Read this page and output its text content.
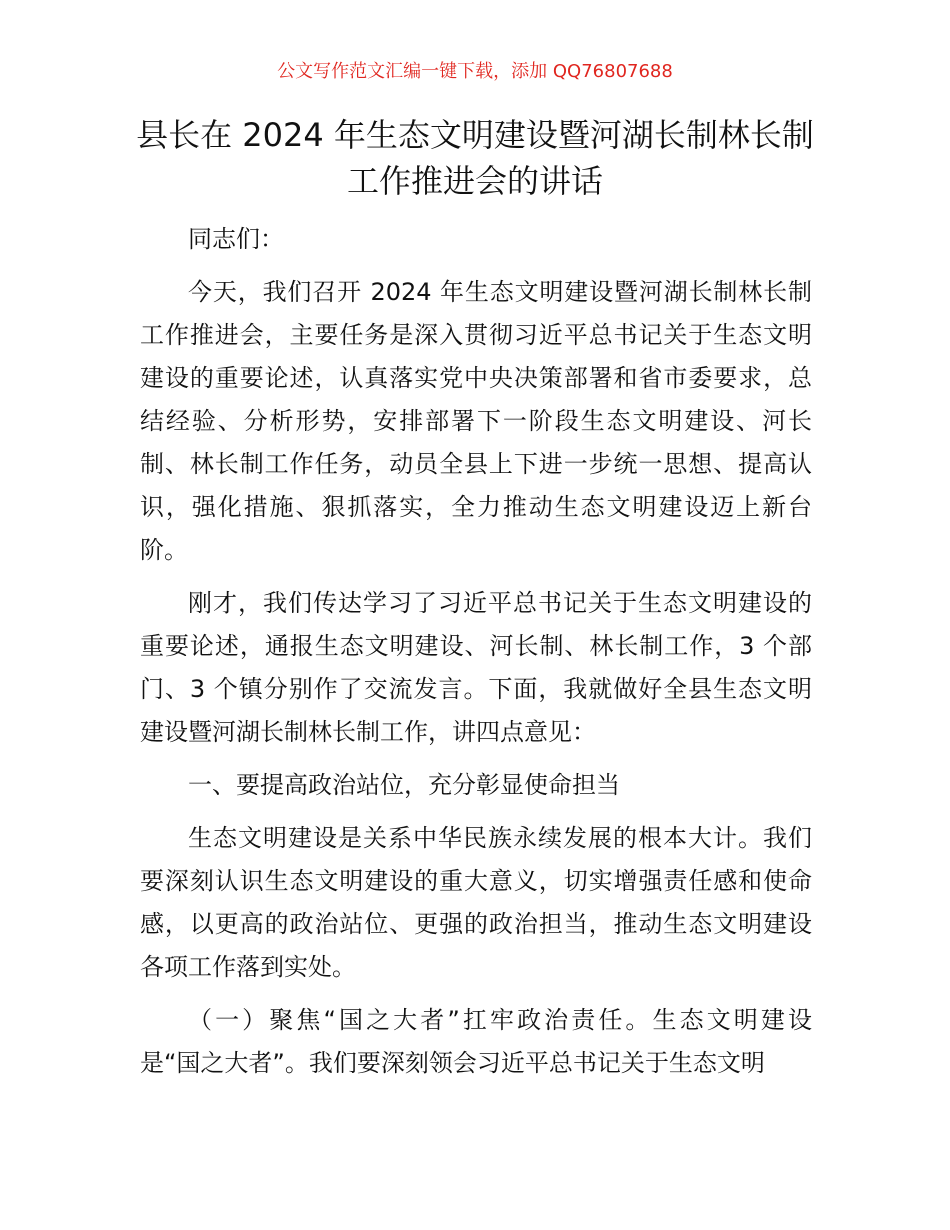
公文写作范文汇编一键下载，添加 QQ76807688
县长在 2024 年生态文明建设暨河湖长制林长制
工作推进会的讲话
同志们：
今天，我们召开 2024 年生态文明建设暨河湖长制林长制
工作推进会，主要任务是深入贯彻习近平总书记关于生态文明
建设的重要论述，认真落实党中央决策部署和省市委要求，总
结经验、分析形势，安排部署下一阶段生态文明建设、河长
制、林长制工作任务，动员全县上下进一步统一思想、提高认
识，强化措施、狠抓落实，全力推动生态文明建设迈上新台
阶。
刚才，我们传达学习了习近平总书记关于生态文明建设的
重要论述，通报生态文明建设、河长制、林长制工作，3 个部
门、3 个镇分别作了交流发言。下面，我就做好全县生态文明
建设暨河湖长制林长制工作，讲四点意见：
一、要提高政治站位，充分彰显使命担当
生态文明建设是关系中华民族永续发展的根本大计。我们
要深刻认识生态文明建设的重大意义，切实增强责任感和使命
感，以更高的政治站位、更强的政治担当，推动生态文明建设
各项工作落到实处。
（一）聚焦“国之大者”扛牢政治责任。生态文明建设
是“国之大者”。我们要深刻领会习近平总书记关于生态文明
